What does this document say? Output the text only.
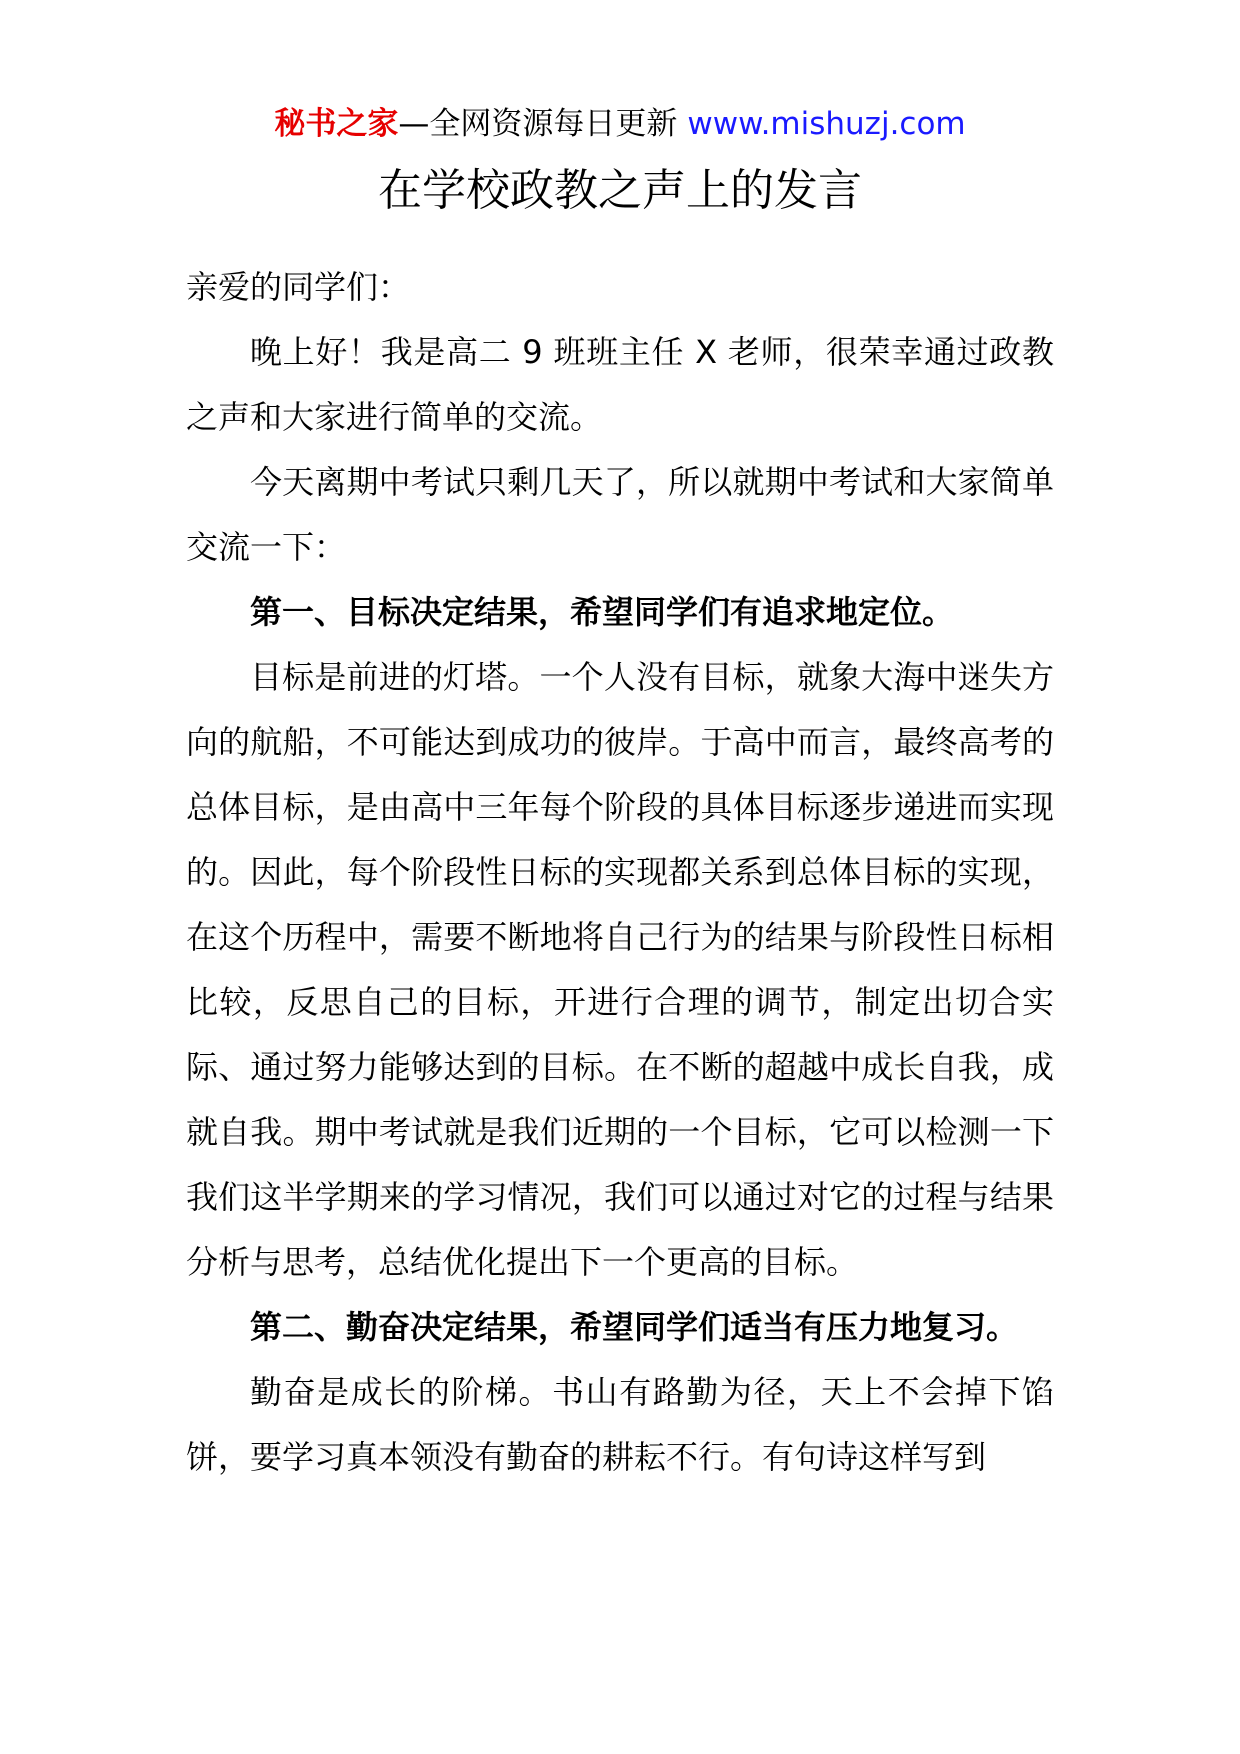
秘书之家—全网资源每日更新 www.mishuzj.com
在学校政教之声上的发言

亲爱的同学们：

晚上好！我是高二 9 班班主任 X 老师，很荣幸通过政教之声和大家进行简单的交流。

今天离期中考试只剩几天了，所以就期中考试和大家简单交流一下：

第一、目标决定结果，希望同学们有追求地定位。

目标是前进的灯塔。一个人没有目标，就象大海中迷失方向的航船，不可能达到成功的彼岸。于高中而言，最终高考的总体目标，是由高中三年每个阶段的具体目标逐步递进而实现的。因此，每个阶段性日标的实现都关系到总体目标的实现，在这个历程中，需要不断地将自己行为的结果与阶段性日标相比较，反思自己的目标，开进行合理的调节，制定出切合实际、通过努力能够达到的目标。在不断的超越中成长自我，成就自我。期中考试就是我们近期的一个目标，它可以检测一下我们这半学期来的学习情况，我们可以通过对它的过程与结果分析与思考，总结优化提出下一个更高的目标。

第二、勤奋决定结果，希望同学们适当有压力地复习。

勤奋是成长的阶梯。书山有路勤为径，天上不会掉下馅饼，要学习真本领没有勤奋的耕耘不行。有句诗这样写到
